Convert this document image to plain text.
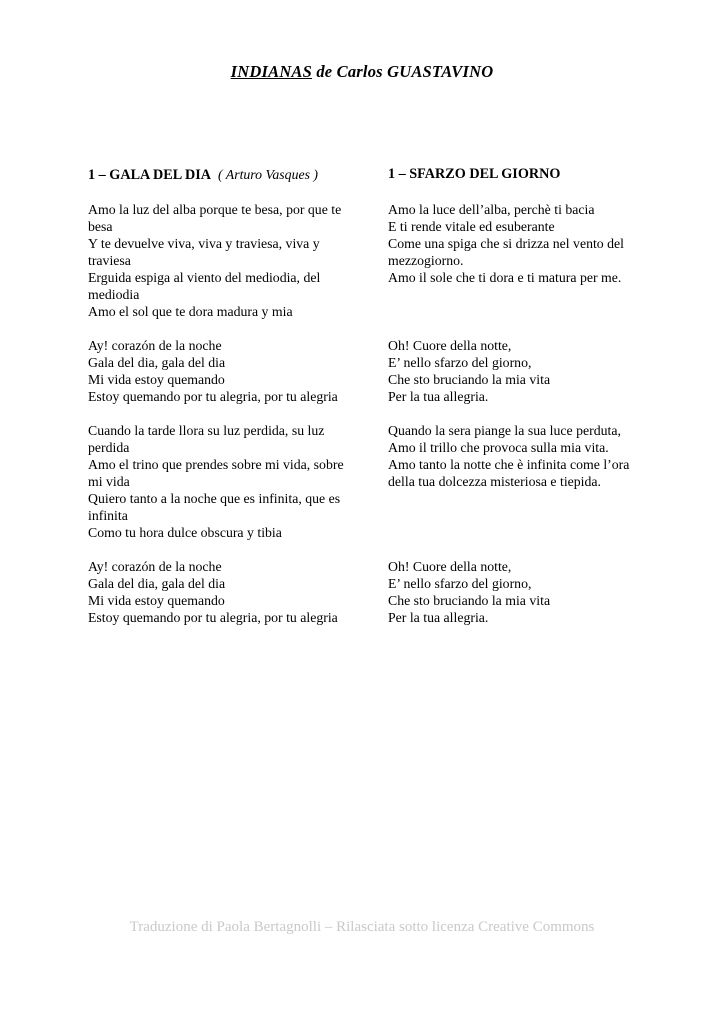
INDIANAS de Carlos GUASTAVINO
1 – GALA DEL DIA ( Arturo Vasques )	1 – SFARZO DEL GIORNO
Amo la luz del alba porque te besa, por que te
besa
Y te devuelve viva, viva y traviesa, viva y
traviesa
Erguida espiga al viento del mediodia, del
mediodia
Amo el sol que te dora madura y mia
Amo la luce dell’alba, perchè ti bacia
E ti rende vitale ed esuberante
Come una spiga che si drizza nel vento del
mezzogiorno.
Amo il sole che ti dora e ti matura per me.
Ay! corazón de la noche
Gala del dia, gala del dia
Mi vida estoy quemando
Estoy quemando por tu alegria, por tu alegria
Oh! Cuore della notte,
E’ nello sfarzo del giorno,
Che sto bruciando la mia vita
Per la tua allegria.
Cuando la tarde llora su luz perdida, su luz
perdida
Amo el trino que prendes sobre mi vida, sobre
mi vida
Quiero tanto a la noche que es infinita, que es
infinita
Como tu hora dulce obscura y tibia
Quando la sera piange la sua luce perduta,
Amo il trillo che provoca sulla mia vita.
Amo tanto la notte che è infinita come l’ora
della tua dolcezza misteriosa e tiepida.
Ay! corazón de la noche
Gala del dia, gala del dia
Mi vida estoy quemando
Estoy quemando por tu alegria, por tu alegria
Oh! Cuore della notte,
E’ nello sfarzo del giorno,
Che sto bruciando la mia vita
Per la tua allegria.
Traduzione di Paola Bertagnolli – Rilasciata sotto licenza Creative Commons
